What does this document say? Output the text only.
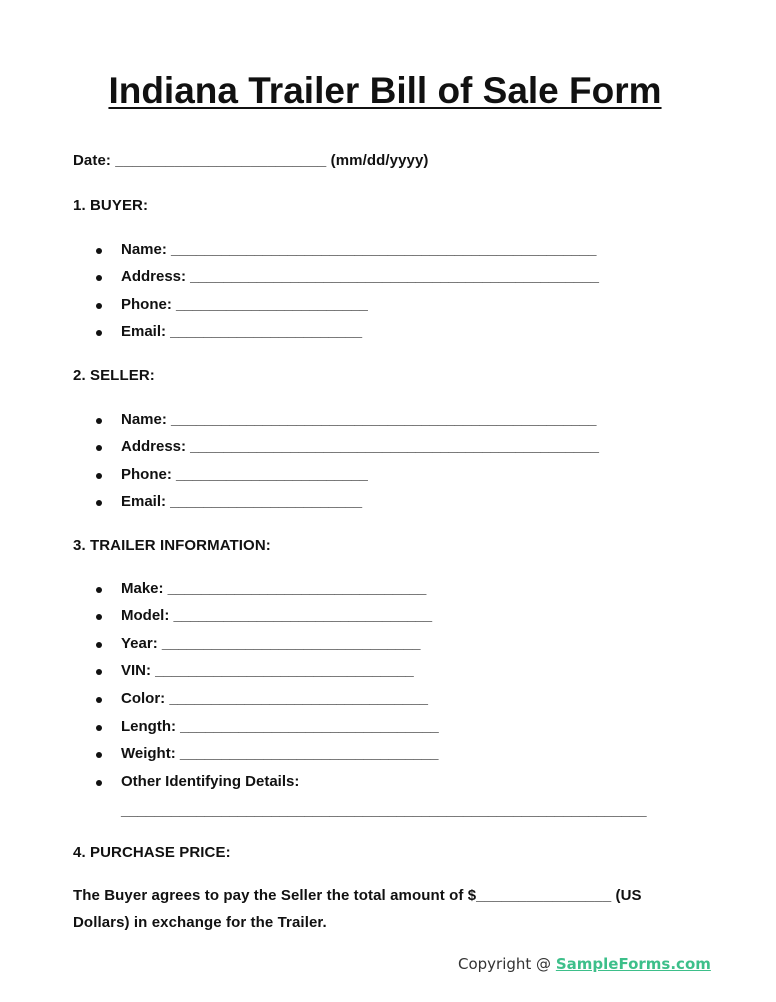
Indiana Trailer Bill of Sale Form
Date: _________________________ (mm/dd/yyyy)
1. BUYER:

Name: ___________________________________________________

Address: _________________________________________________

Phone: _______________________

Email: _______________________

2. SELLER:

Name: ___________________________________________________

Address: _________________________________________________

Phone: _______________________

Email: _______________________

3. TRAILER INFORMATION:

Make: _______________________________

Model: _______________________________

Year: _______________________________

VIN: _______________________________

Color: _______________________________

Length: _______________________________

Weight: _______________________________

Other Identifying Details:

_______________________________________________________________

4. PURCHASE PRICE:
The Buyer agrees to pay the Seller the total amount of $________________ (US Dollars) in exchange for the Trailer.
Copyright @ SampleForms.com
